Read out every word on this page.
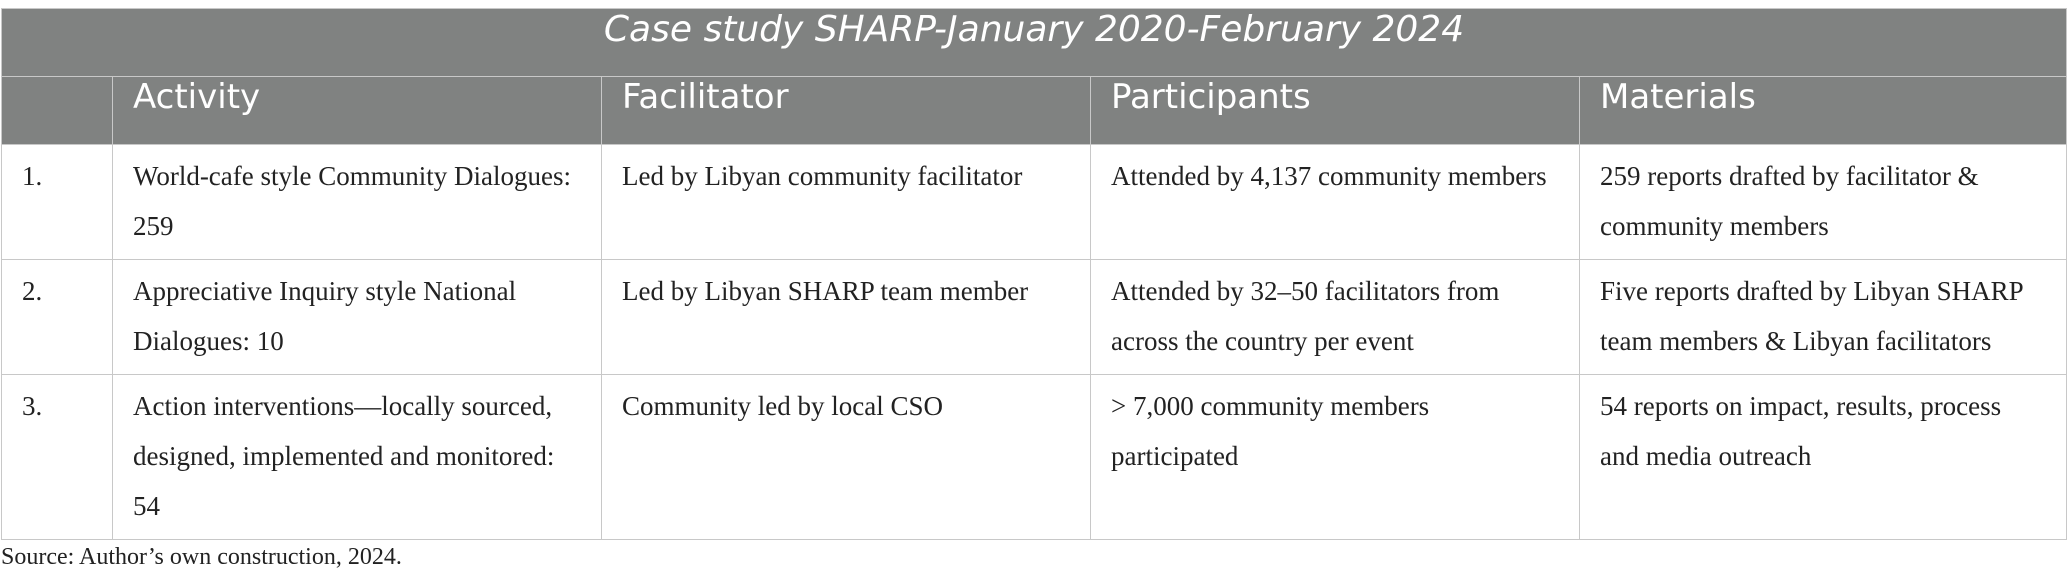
Case study SHARP-January 2020-February 2024				
	Activity	Facilitator	Participants	Materials
1.	World-cafe style Community Dialogues: 259	Led by Libyan community facilitator	Attended by 4,137 community members	259 reports drafted by facilitator & community members
2.	Appreciative Inquiry style National Dialogues: 10	Led by Libyan SHARP team member	Attended by 32–50 facilitators from across the country per event	Five reports drafted by Libyan SHARP team members & Libyan facilitators
3.	Action interventions—locally sourced, designed, implemented and monitored: 54	Community led by local CSO	> 7,000 community members participated	54 reports on impact, results, process and media outreach

Source: Author’s own construction, 2024.
